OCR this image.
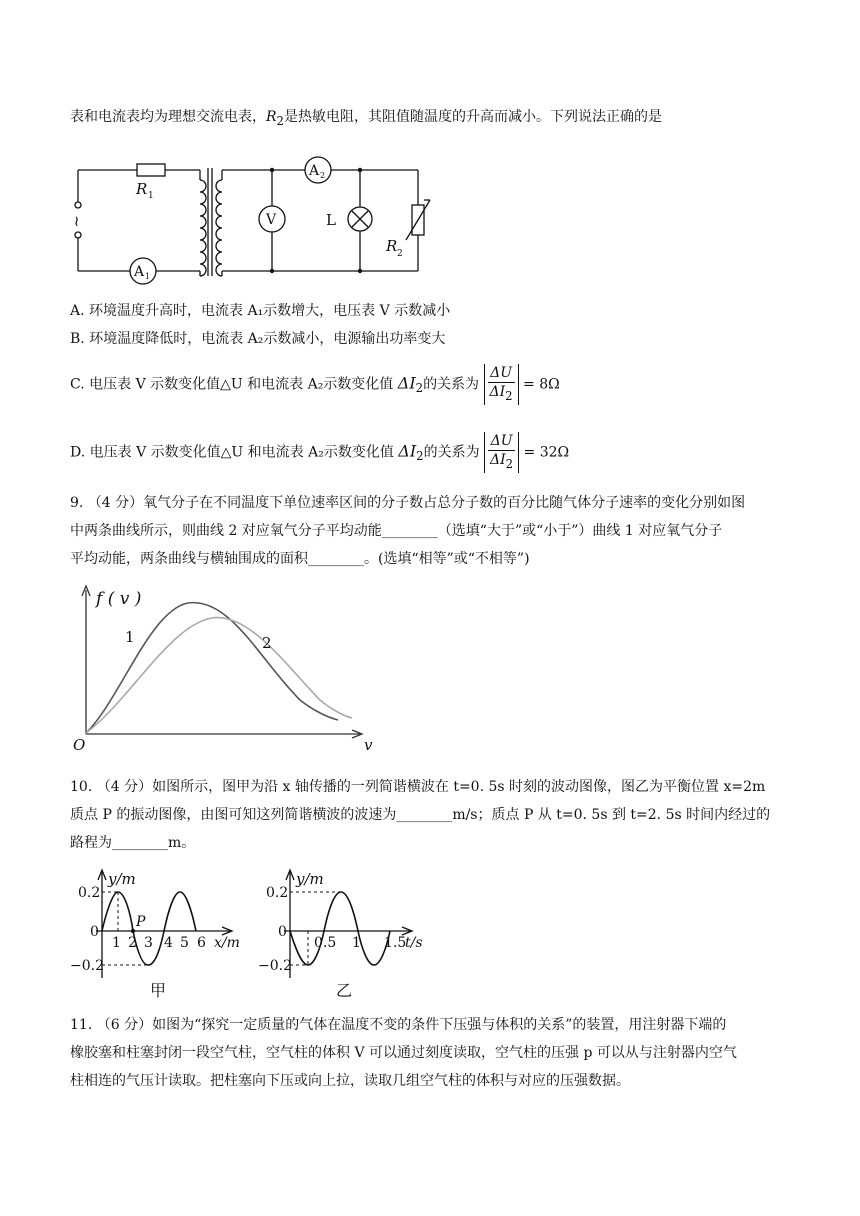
表和电流表均为理想交流电表，$R_2$是热敏电阻，其阻值随温度的升高而减小。下列说法正确的是
R 1
A 1
A 2
V	L
R 2
~
A. 环境温度升高时，电流表 A₁示数增大，电压表 V 示数减小
B. 环境温度降低时，电流表 A₂示数减小，电源输出功率变大
C. 电压表 V 示数变化值△U 和电流表 A₂示数变化值 $\Delta I_2$的关系为 $\frac{\Delta U}{\Delta I_2} = 8\Omega$
D. 电压表 V 示数变化值△U 和电流表 A₂示数变化值 $\Delta I_2$的关系为 $\frac{\Delta U}{\Delta I_2} = 32\Omega$
9. （4 分）氧气分子在不同温度下单位速率区间的分子数占总分子数的百分比随气体分子速率的变化分别如图
中两条曲线所示，则曲线 2 对应氧气分子平均动能________（选填“大于”或“小于”）曲线 1 对应氧气分子
平均动能，两条曲线与横轴围成的面积________。(选填“相等”或“不相等”)
f ( v )
v
O
1	2
10. （4 分）如图所示，图甲为沿 x 轴传播的一列简谐横波在 t=0. 5s 时刻的波动图像，图乙为平衡位置 x=2m
质点 P 的振动图像，由图可知这列简谐横波的波速为________m/s；质点 P 从 t=0. 5s 到 t=2. 5s 时间内经过的
路程为________m。
y/m
0.2
0
−0.2
P
1 2 3 4 5 6 x/m
甲
y/m
0.2
0
−0.2
0.5 1 1.5
t/s
乙
11. （6 分）如图为“探究一定质量的气体在温度不变的条件下压强与体积的关系”的装置，用注射器下端的
橡胶塞和柱塞封闭一段空气柱，空气柱的体积 V 可以通过刻度读取，空气柱的压强 p 可以从与注射器内空气
柱相连的气压计读取。把柱塞向下压或向上拉，读取几组空气柱的体积与对应的压强数据。
